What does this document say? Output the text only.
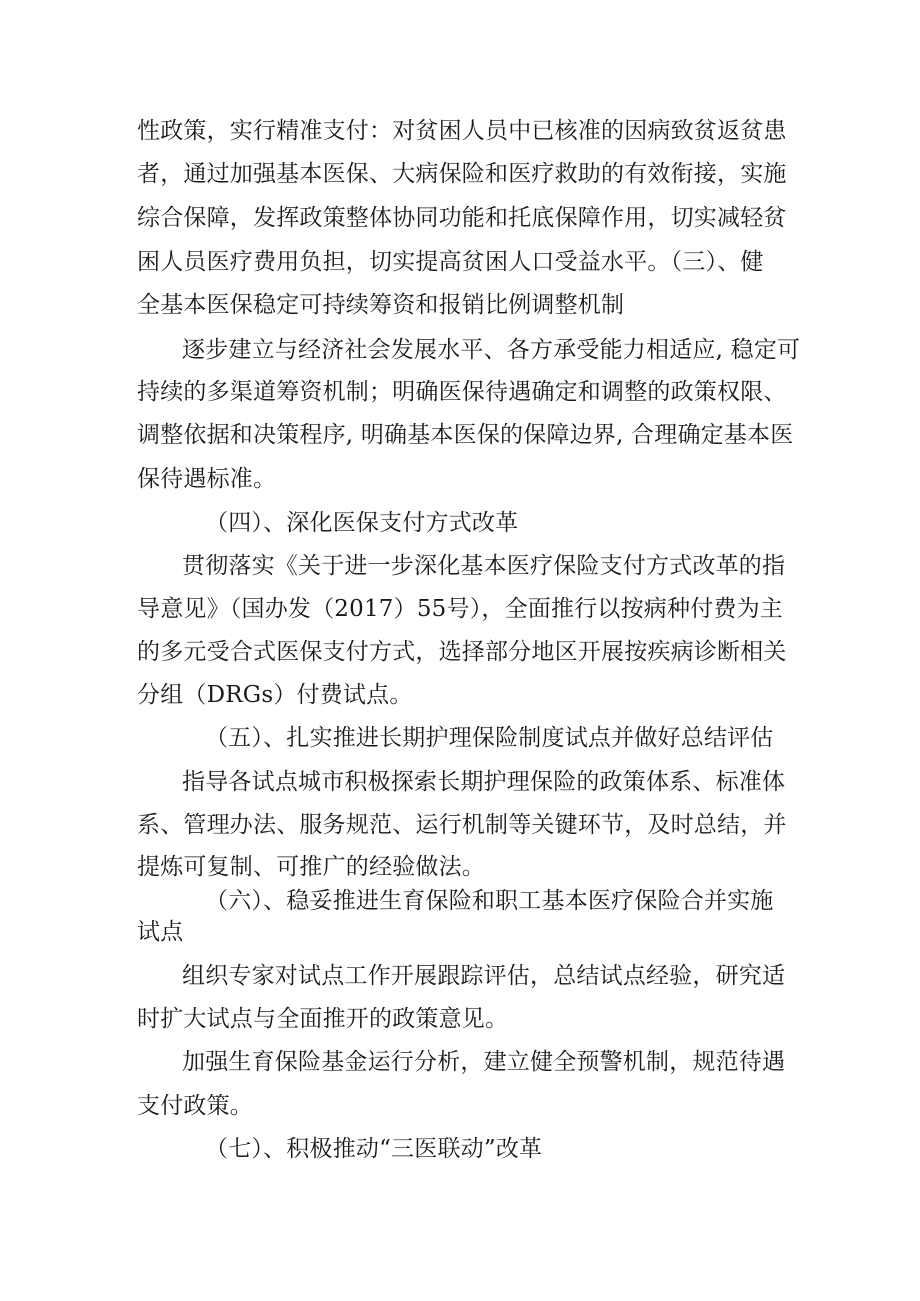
性政策，实行精准支付：对贫困人员中已核准的因病致贫返贫患
者，通过加强基本医保、大病保险和医疗救助的有效衔接，实施
综合保障，发挥政策整体协同功能和托底保障作用，切实减轻贫
困人员医疗费用负担，切实提高贫困人口受益水平。（三）、健
全基本医保稳定可持续筹资和报销比例调整机制
逐步建立与经济社会发展水平、各方承受能力相适应, 稳定可
持续的多渠道筹资机制；明确医保待遇确定和调整的政策权限、
调整依据和决策程序, 明确基本医保的保障边界, 合理确定基本医
保待遇标准。
（四）、深化医保支付方式改革
贯彻落实《关于进一步深化基本医疗保险支付方式改革的指
导意见》（国办发（2017）55号），全面推行以按病种付费为主
的多元受合式医保支付方式，选择部分地区开展按疾病诊断相关
分组（DRGs）付费试点。
（五）、扎实推进长期护理保险制度试点并做好总结评估
指导各试点城市积极探索长期护理保险的政策体系、标准体
系、管理办法、服务规范、运行机制等关键环节，及时总结，并
提炼可复制、可推广的经验做法。
（六）、稳妥推进生育保险和职工基本医疗保险合并实施
试点
组织专家对试点工作开展跟踪评估，总结试点经验，研究适
时扩大试点与全面推开的政策意见。
加强生育保险基金运行分析，建立健全预警机制，规范待遇
支付政策。
（七）、积极推动“三医联动”改革
